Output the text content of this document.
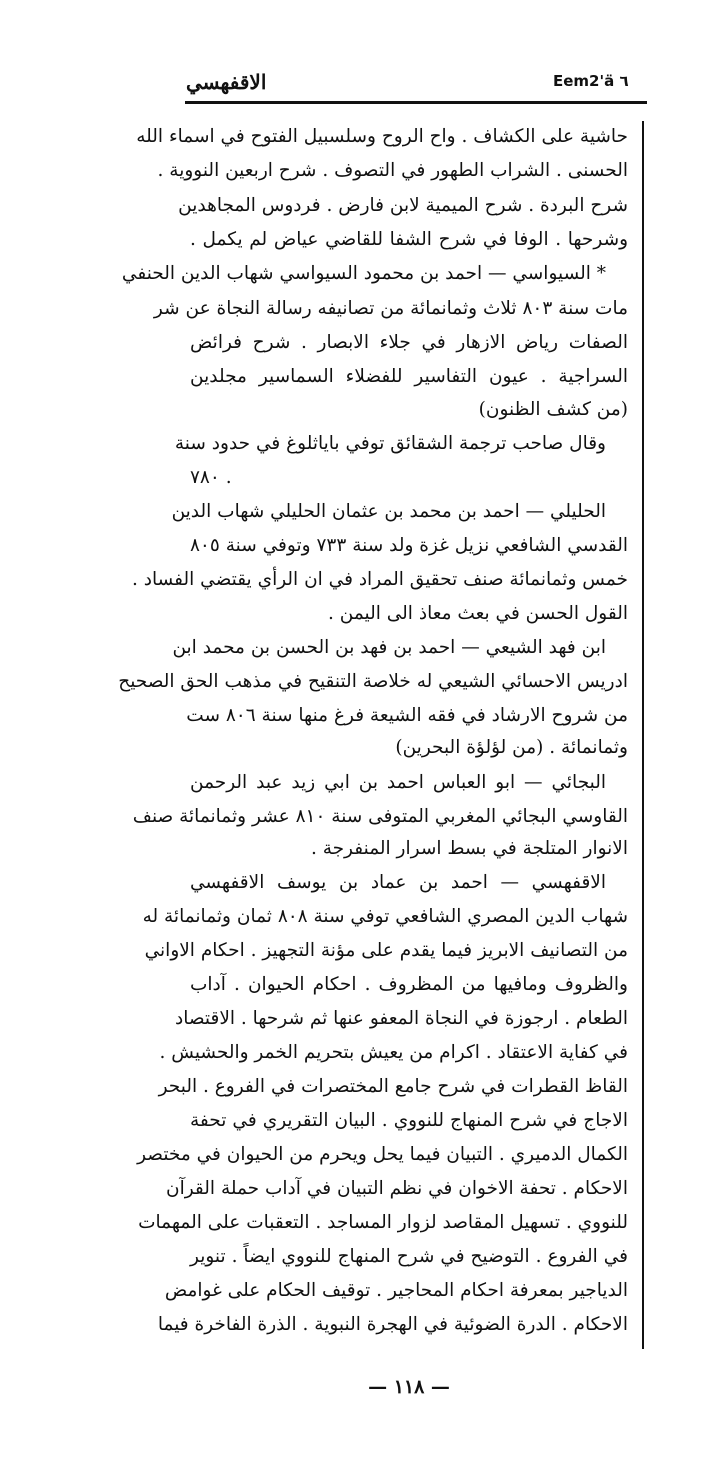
Eem2'ä ٦
الاقفهسي
حاشية على الكشاف . واح الروح وسلسبيل الفتوح في اسماء الله
الحسنى . الشراب الطهور في التصوف . شرح اربعين النووية .
شرح البردة . شرح الميمية لابن فارض . فردوس المجاهدين
وشرحها . الوفا في شرح الشفا للقاضي عياض لم يكمل .
* السيواسي — احمد بن محمود السيواسي شهاب الدين الحنفي
مات سنة ٨٠٣ ثلاث وثمانمائة من تصانيفه رسالة النجاة عن شر
الصفات رياض الازهار في جلاء الابصار . شرح فرائض
السراجية . عيون التفاسير للفضلاء السماسير مجلدين
(من كشف الظنون)
وقال صاحب ترجمة الشقائق توفي باياثلوغ في حدود سنة
. ٧٨٠
الحليلي — احمد بن محمد بن عثمان الحليلي شهاب الدين
القدسي الشافعي نزيل غزة ولد سنة ٧٣٣ وتوفي سنة ٨٠٥
خمس وثمانمائة صنف تحقيق المراد في ان الرأي يقتضي الفساد .
القول الحسن في بعث معاذ الى اليمن .
ابن فهد الشيعي — احمد بن فهد بن الحسن بن محمد ابن
ادريس الاحسائي الشيعي له خلاصة التنقيح في مذهب الحق الصحيح
من شروح الارشاد في فقه الشيعة فرغ منها سنة ٨٠٦ ست
وثمانمائة . (من لؤلؤة البحرين)
البجائي — ابو العباس احمد بن ابي زيد عبد الرحمن
القاوسي البجائي المغربي المتوفى سنة ٨١٠ عشر وثمانمائة صنف
الانوار المتلجة في بسط اسرار المنفرجة .
الاقفهسي — احمد بن عماد بن يوسف الاقفهسي
شهاب الدين المصري الشافعي توفي سنة ٨٠٨ ثمان وثمانمائة له
من التصانيف الابريز فيما يقدم على مؤنة التجهيز . احكام الاواني
والظروف ومافيها من المظروف . احكام الحيوان . آداب
الطعام . ارجوزة في النجاة المعفو عنها ثم شرحها . الاقتصاد
في كفاية الاعتقاد . اكرام من يعيش بتحريم الخمر والحشيش .
القاظ القطرات في شرح جامع المختصرات في الفروع . البحر
الاجاج في شرح المنهاج للنووي . البيان التقريري في تحفة
الكمال الدميري . التبيان فيما يحل ويحرم من الحيوان في مختصر
الاحكام . تحفة الاخوان في نظم التبيان في آداب حملة القرآن
للنووي . تسهيل المقاصد لزوار المساجد . التعقبات على المهمات
في الفروع . التوضيح في شرح المنهاج للنووي ايضاً . تنوير
الدياجير بمعرفة احكام المحاجير . توقيف الحكام على غوامض
الاحكام . الدرة الضوئية في الهجرة النبوية . الذرة الفاخرة فيما
— ١١٨ —
